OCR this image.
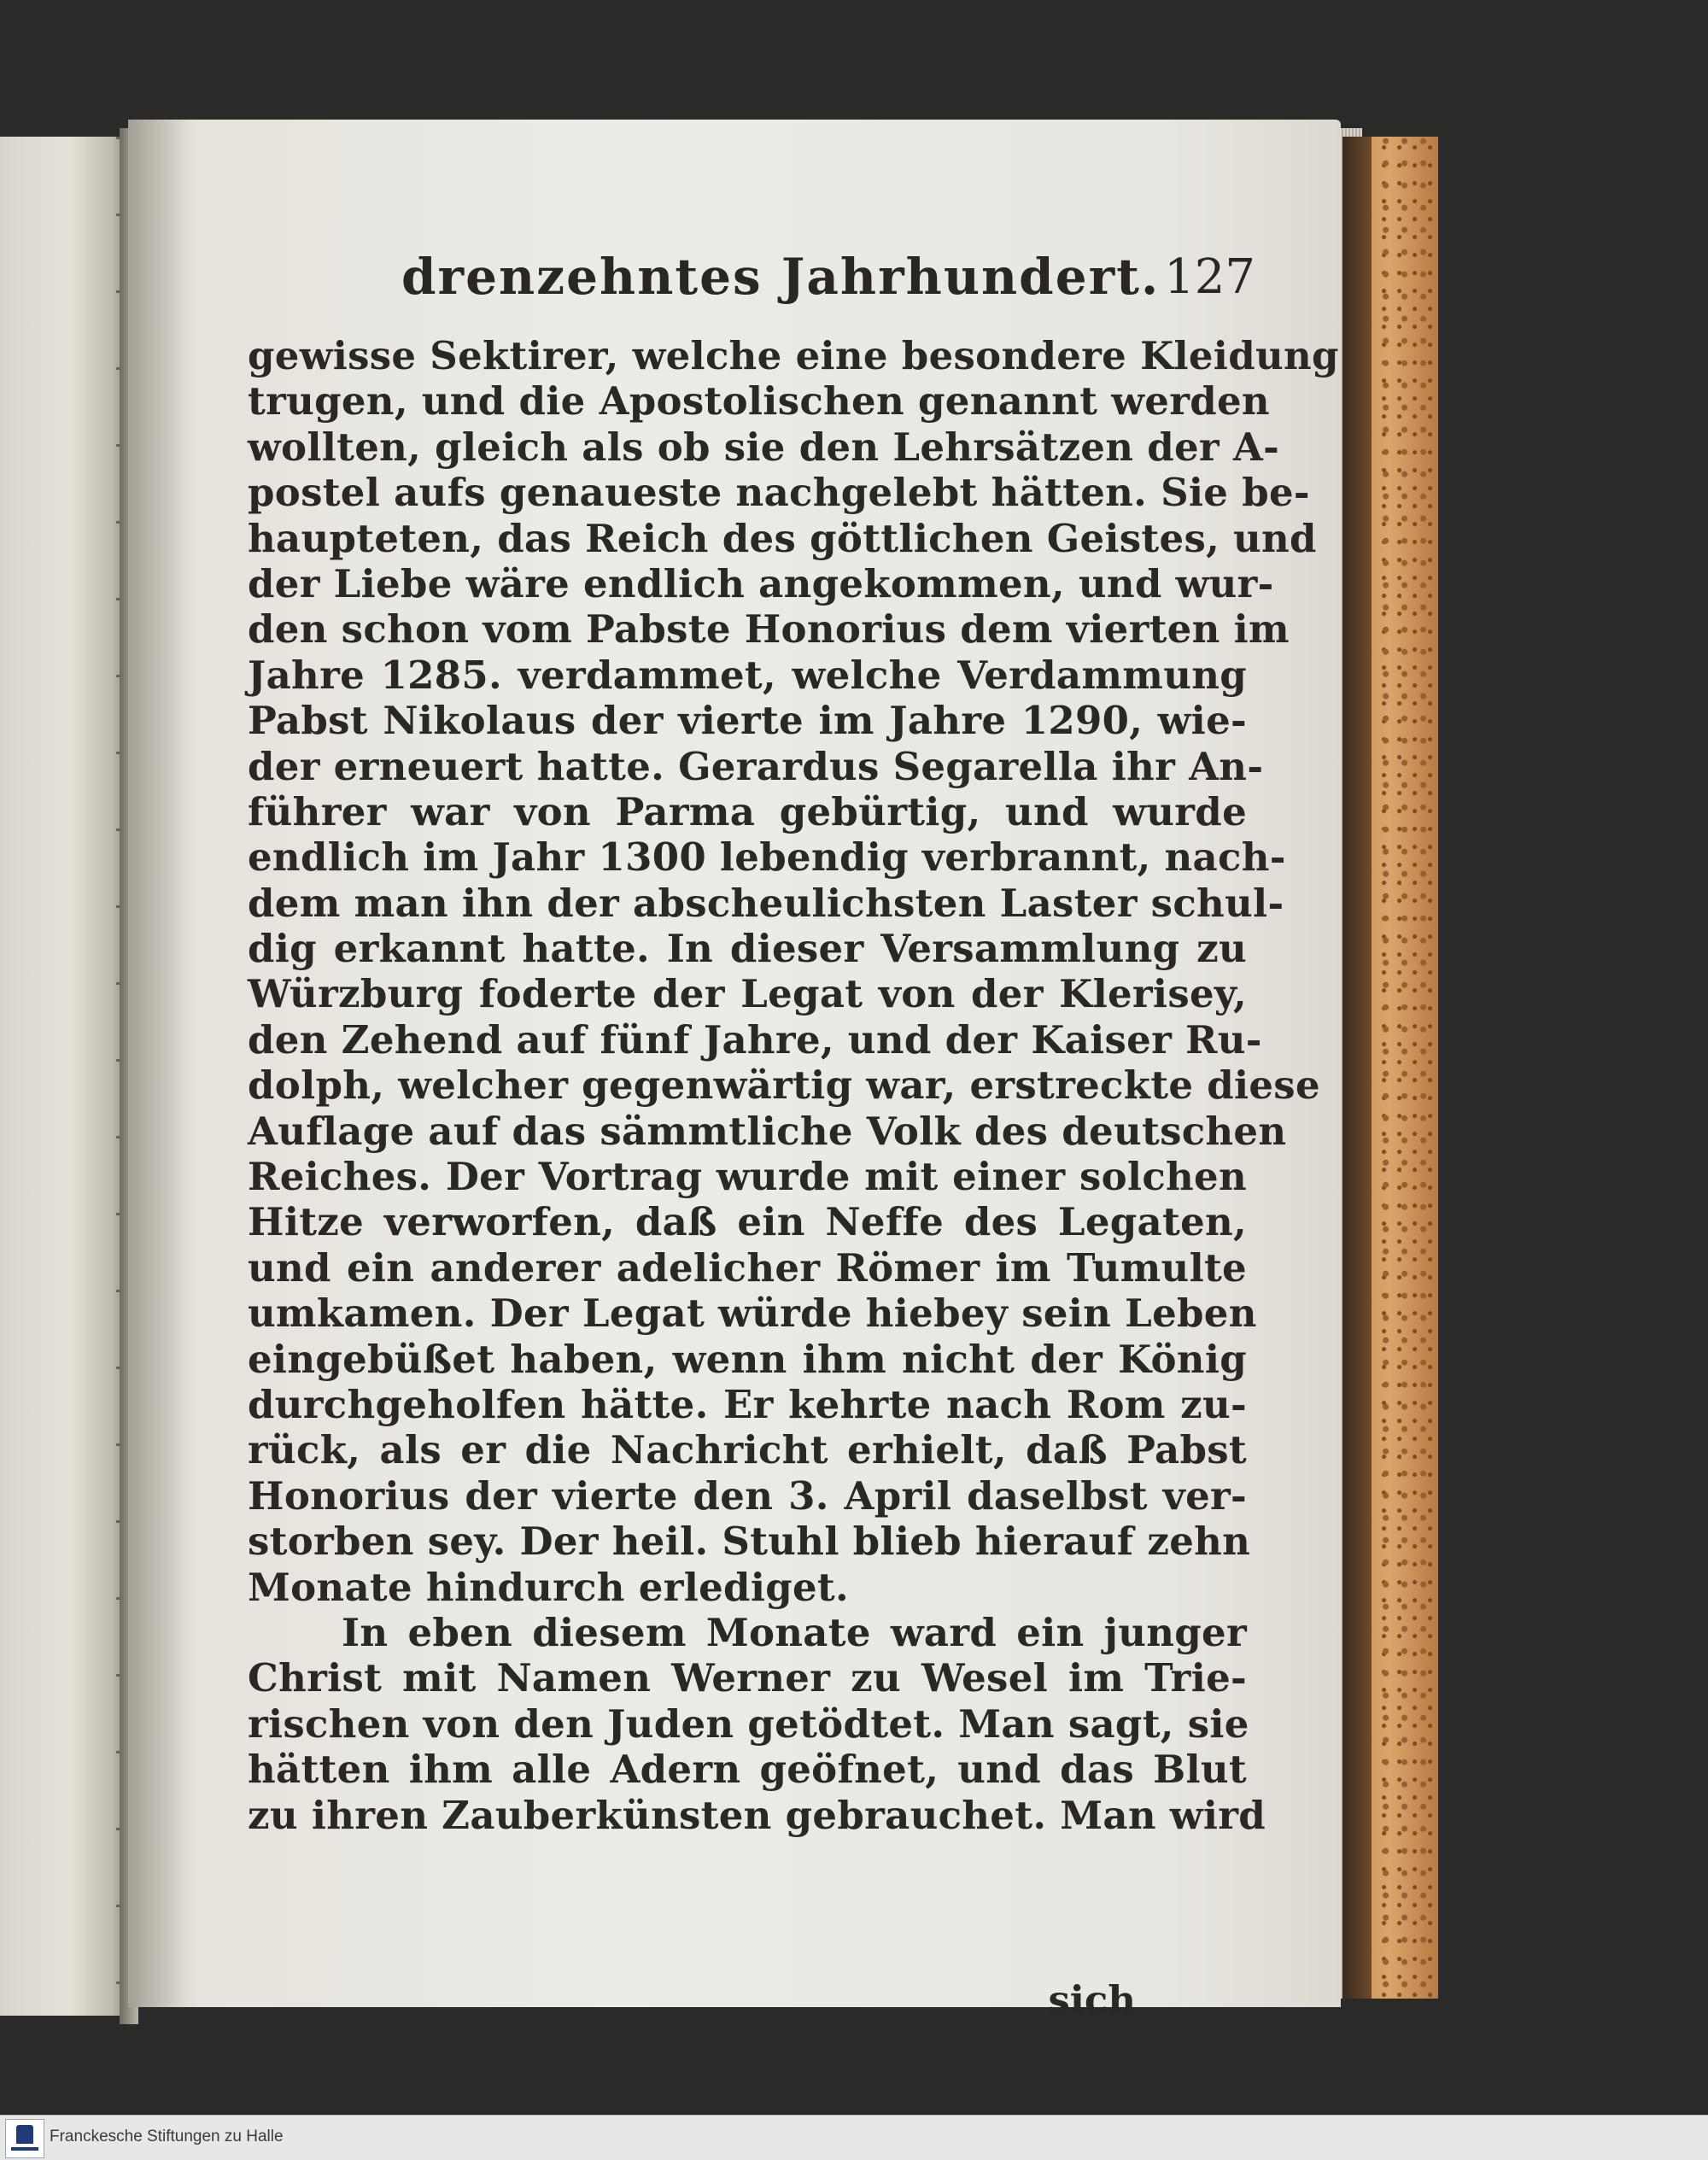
drenzehntes Jahrhundert. 127
gewisse Sektirer, welche eine besondere Kleidung
trugen, und die Apostolischen genannt werden
wollten, gleich als ob sie den Lehrsätzen der A-
postel aufs genaueste nachgelebt hätten. Sie be-
haupteten, das Reich des göttlichen Geistes, und
der Liebe wäre endlich angekommen, und wur-
den schon vom Pabste Honorius dem vierten im
Jahre 1285. verdammet, welche Verdammung
Pabst Nikolaus der vierte im Jahre 1290, wie-
der erneuert hatte. Gerardus Segarella ihr An-
führer war von Parma gebürtig, und wurde
endlich im Jahr 1300 lebendig verbrannt, nach-
dem man ihn der abscheulichsten Laster schul-
dig erkannt hatte. In dieser Versammlung zu
Würzburg foderte der Legat von der Klerisey,
den Zehend auf fünf Jahre, und der Kaiser Ru-
dolph, welcher gegenwärtig war, erstreckte diese
Auflage auf das sämmtliche Volk des deutschen
Reiches. Der Vortrag wurde mit einer solchen
Hitze verworfen, daß ein Neffe des Legaten,
und ein anderer adelicher Römer im Tumulte
umkamen. Der Legat würde hiebey sein Leben
eingebüßet haben, wenn ihm nicht der König
durchgeholfen hätte. Er kehrte nach Rom zu-
rück, als er die Nachricht erhielt, daß Pabst
Honorius der vierte den 3. April daselbst ver-
storben sey. Der heil. Stuhl blieb hierauf zehn
Monate hindurch erlediget.
In eben diesem Monate ward ein junger
Christ mit Namen Werner zu Wesel im Trie-
rischen von den Juden getödtet. Man sagt, sie
hätten ihm alle Adern geöfnet, und das Blut
zu ihren Zauberkünsten gebrauchet. Man wird
sich
Franckesche Stiftungen zu Halle
